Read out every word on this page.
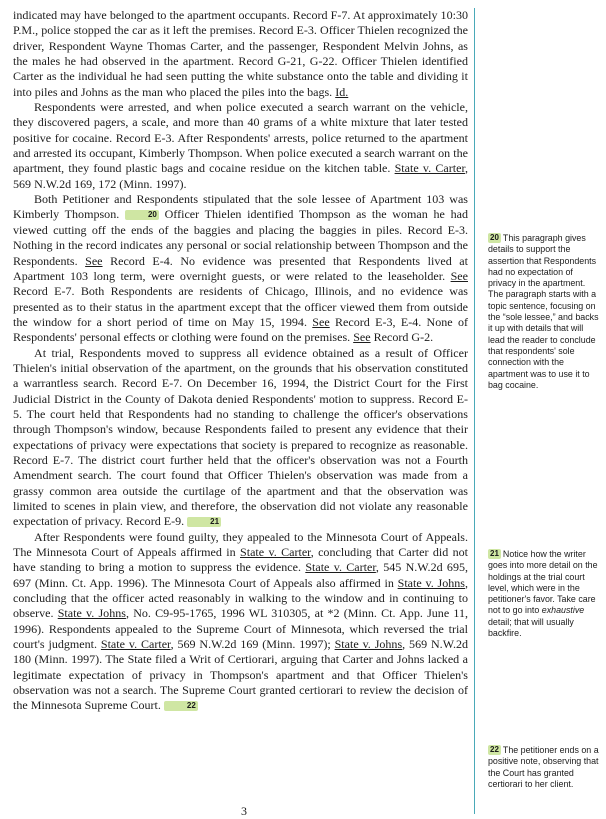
indicated may have belonged to the apartment occupants. Record F-7. At approximately 10:30 P.M., police stopped the car as it left the premises. Record E-3. Officer Thielen recognized the driver, Respondent Wayne Thomas Carter, and the passenger, Respondent Melvin Johns, as the males he had observed in the apartment. Record G-21, G-22. Officer Thielen identified Carter as the individual he had seen putting the white substance onto the table and dividing it into piles and Johns as the man who placed the piles into the bags. Id.

Respondents were arrested, and when police executed a search warrant on the vehicle, they discovered pagers, a scale, and more than 40 grams of a white mixture that later tested positive for cocaine. Record E-3. After Respondents' arrests, police returned to the apartment and arrested its occupant, Kimberly Thompson. When police executed a search warrant on the apartment, they found plastic bags and cocaine residue on the kitchen table. State v. Carter, 569 N.W.2d 169, 172 (Minn. 1997).

Both Petitioner and Respondents stipulated that the sole lessee of Apartment 103 was Kimberly Thompson.	20 Officer Thielen identified Thompson as the woman he had viewed cutting off the ends of the baggies and placing the baggies in piles. Record E-3. Nothing in the record indicates any personal or social relationship between Thompson and the Respondents. See Record E-4. No evidence was presented that Respondents lived at Apartment 103 long term, were overnight guests, or were related to the leaseholder. See Record E-7. Both Respondents are residents of Chicago, Illinois, and no evidence was presented as to their status in the apartment except that the officer viewed them from outside the window for a short period of time on May 15, 1994. See Record E-3, E-4. None of Respondents' personal effects or clothing were found on the premises. See Record G-2.

At trial, Respondents moved to suppress all evidence obtained as a result of Officer Thielen's initial observation of the apartment, on the grounds that his observation constituted a warrantless search. Record E-7. On December 16, 1994, the District Court for the First Judicial District in the County of Dakota denied Respondents' motion to suppress. Record E-5. The court held that Respondents had no standing to challenge the officer's observations through Thompson's window, because Respondents failed to present any evidence that their expectations of privacy were expectations that society is prepared to recognize as reasonable. Record E-7. The district court further held that the officer's observation was not a Fourth Amendment search. The court found that Officer Thielen's observation was made from a grassy common area outside the curtilage of the apartment and that the observation was limited to scenes in plain view, and therefore, the observation did not violate any reasonable expectation of privacy. Record E-9.	21

After Respondents were found guilty, they appealed to the Minnesota Court of Appeals. The Minnesota Court of Appeals affirmed in State v. Carter, concluding that Carter did not have standing to bring a motion to suppress the evidence. State v. Carter, 545 N.W.2d 695, 697 (Minn. Ct. App. 1996). The Minnesota Court of Appeals also affirmed in State v. Johns, concluding that the officer acted reasonably in walking to the window and in continuing to observe. State v. Johns, No. C9-95-1765, 1996 WL 310305, at *2 (Minn. Ct. App. June 11, 1996). Respondents appealed to the Supreme Court of Minnesota, which reversed the trial court's judgment. State v. Carter, 569 N.W.2d 169 (Minn. 1997); State v. Johns, 569 N.W.2d 180 (Minn. 1997). The State filed a Writ of Certiorari, arguing that Carter and Johns lacked a legitimate expectation of privacy in Thompson's apartment and that Officer Thielen's observation was not a search. The Supreme Court granted certiorari to review the decision of the Minnesota Supreme Court.	22

3
20 This paragraph gives details to support the assertion that Respondents had no expectation of privacy in the apartment. The paragraph starts with a topic sentence, focusing on the “sole lessee,” and backs it up with details that will lead the reader to conclude that respondents' sole connection with the apartment was to use it to bag cocaine.
21 Notice how the writer goes into more detail on the holdings at the trial court level, which were in the petitioner's favor. Take care not to go into exhaustive detail; that will usually backfire.
22 The petitioner ends on a positive note, observing that the Court has granted certiorari to her client.
